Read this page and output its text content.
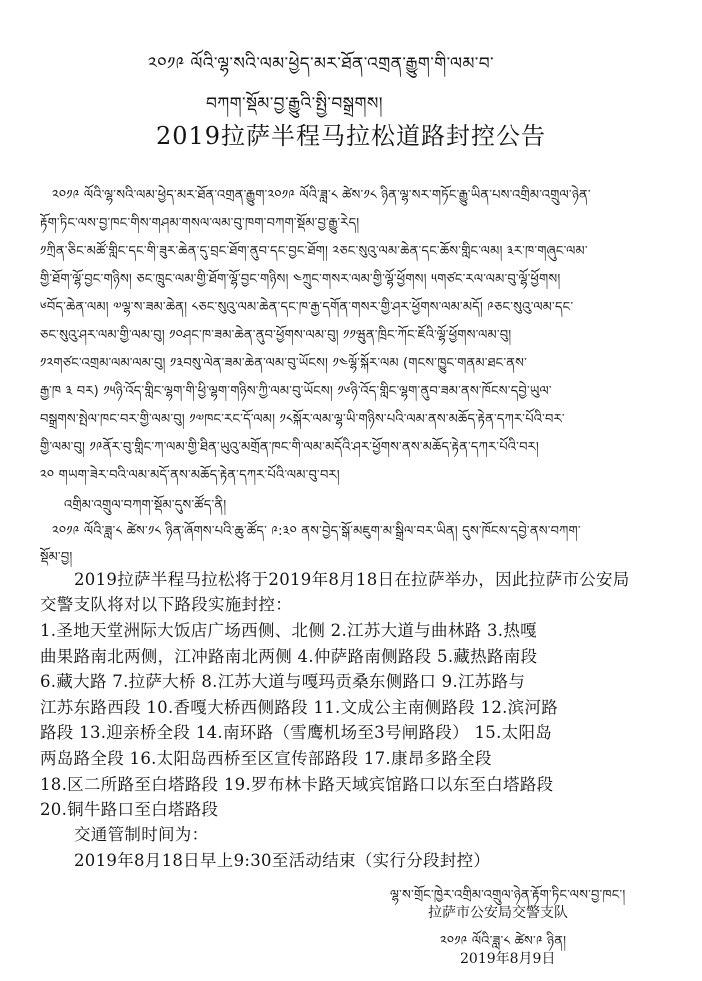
༢༠༡༩ ལོའི་ལྷ་སའི་ལམ་ཕྱེད་མར་ཐོན་འགྲན་རྒྱུག་གི་ལམ་བ་
བཀག་སྡོམ་བྱ་རྒྱུའི་སྤྱི་བསྒྲགས།
2019拉萨半程马拉松道路封控公告
༢༠༡༩ ལོའི་ལྷ་སའི་ལམ་ཕྱེད་མར་ཐོན་འགྲན་རྒྱུག་༢༠༡༩ ལོའི་ཟླ་༨ ཚེས་༡༨ ཉིན་ལྷ་སར་གཏོང་རྒྱུ་ཡིན་པས་འགྲིམ་འགྲུལ་ཉེན་
རྟོག་ཏིང་ལས་བྱ་ཁང་གིས་གཤམ་གསལ་ལམ་བུ་ཁག་བཀག་སྡོམ་བྱ་རྒྱུ་རེད།
༡ཀྲིན་ཅིང་མཚོ་གླིང་དང་གི་ཟུར་ཆེན་དུ་བྲང་ཐོག་ནུབ་དང་བྱང་ཐོག། ༢ཅང་སུའུ་ལམ་ཆེན་དང་ཆོས་གླིང་ལམ། ༣ར་ཁ་གཞུང་ལམ་
གྱི་ཐོག་ལྷོ་བྱང་གཉིས། ཅང་ཁྲུང་ལམ་གྱི་ཐོག་ལྷོ་བྱང་གཉིས། ༤ཀྲུང་གསར་ལམ་གྱི་ལྷོ་ཕྱོགས། ༥གཙང་རལ་ལམ་བུ་ལྷོ་ཕྱོགས།
༦བོད་ཆེན་ལམ། ༧ལྷ་ས་ཟམ་ཆེན། ༨ཅང་སུའུ་ལམ་ཆེན་དང་ཁ་རྒྱ་དགོན་གསར་གྱི་ཤར་ཕྱོགས་ལམ་མདོ། ༩ཅང་སུའུ་ལམ་དང་
ཅང་སུའུ་ཤར་ལམ་གྱི་ལམ་བུ། ༡༠ཤང་ཁ་ཟམ་ཆེན་ནུབ་ཕྱོགས་ལམ་བུ། ༡༡ཝུན་ཁྲིང་ཀོང་ཇོའི་ལྷོ་ཕྱོགས་ལམ་བུ།
༡༢གཙང་འགྲམ་ལམ་ལམ་བུ། ༡༣བསུ་ལེན་ཟམ་ཆེན་ལམ་བུ་ཡོངས། ༡༤ལྷོ་སྐོར་ལམ (གངས་ཁྱུང་གནམ་ཐང་ནས་
རྒྱ་ཁ ༣ བར) ༡༥ཉི་འོད་གླིང་ལྷག་གི་ཕྱི་ལྷག་གཉིས་ཀྱི་ལམ་བུ་ཡོངས། ༡༦ཉི་འོད་གླིང་ལྷག་ནུབ་ཟམ་ནས་ཁོངས་དབྱེ་ཡུལ་
བསྒྲགས་སྤེལ་ཁང་བར་གྱི་ལམ་བུ། ༡༧ཁང་རང་དོ་ལམ། ༡༨སྐོར་ལམ་ལྷ་ཡི་གཉིས་པའི་ལམ་ནས་མཆོད་རྟེན་དཀར་པོའི་བར་
གྱི་ལམ་བུ། ༡༩ནོར་བུ་གླིང་ཀ་ལམ་གྱི་ཐིན་ཡུའུ་མགྲོན་ཁང་གི་ལམ་མདོའི་ཤར་ཕྱོགས་ནས་མཆོད་རྟེན་དཀར་པོའི་བར།
༢༠ གཡག་ཟེར་བའི་ལམ་མདོ་ནས་མཆོད་རྟེན་དཀར་པོའི་ལམ་བུ་བར།
འགྲིམ་འགྲུལ་བཀག་སྡོམ་དུས་ཚོད་ནི།
༢༠༡༩ ལོའི་ཟླ་༨ ཚེས་༡༨ ཉིན་ཞོགས་པའི་ཆུ་ཚོད་ ༩:༣༠ ནས་བྱེད་སྒོ་མཇུག་མ་སྒྲིལ་བར་ཡིན། དུས་ཁོངས་དབྱེ་ནས་བཀག་
སྡོམ་བྱ།
2019拉萨半程马拉松将于2019年8月18日在拉萨举办，因此拉萨市公安局
交警支队将对以下路段实施封控：
1.圣地天堂洲际大饭店广场西侧、北侧 2.江苏大道与曲林路 3.热嘎
曲果路南北两侧，江冲路南北两侧 4.仲萨路南侧路段 5.藏热路南段
6.藏大路 7.拉萨大桥 8.江苏大道与嘎玛贡桑东侧路口 9.江苏路与
江苏东路西段 10.香嘎大桥西侧路段 11.文成公主南侧路段 12.滨河路
路段 13.迎亲桥全段 14.南环路（雪鹰机场至3号闸路段） 15.太阳岛
两岛路全段 16.太阳岛西桥至区宣传部路段 17.康昂多路全段
18.区二所路至白塔路段 19.罗布林卡路天域宾馆路口以东至白塔路段
20.铜牛路口至白塔路段
交通管制时间为：
2019年8月18日早上9:30至活动结束（实行分段封控）
ལྷ་ས་གྲོང་ཁྱེར་འགྲིམ་འགྲུལ་ཉེན་རྟོག་ཏིང་ལས་བྱ་ཁང་།
拉萨市公安局交警支队
༢༠༡༩ ལོའི་ཟླ་༨ ཚེས་༩ ཉིན།
2019年8月9日
